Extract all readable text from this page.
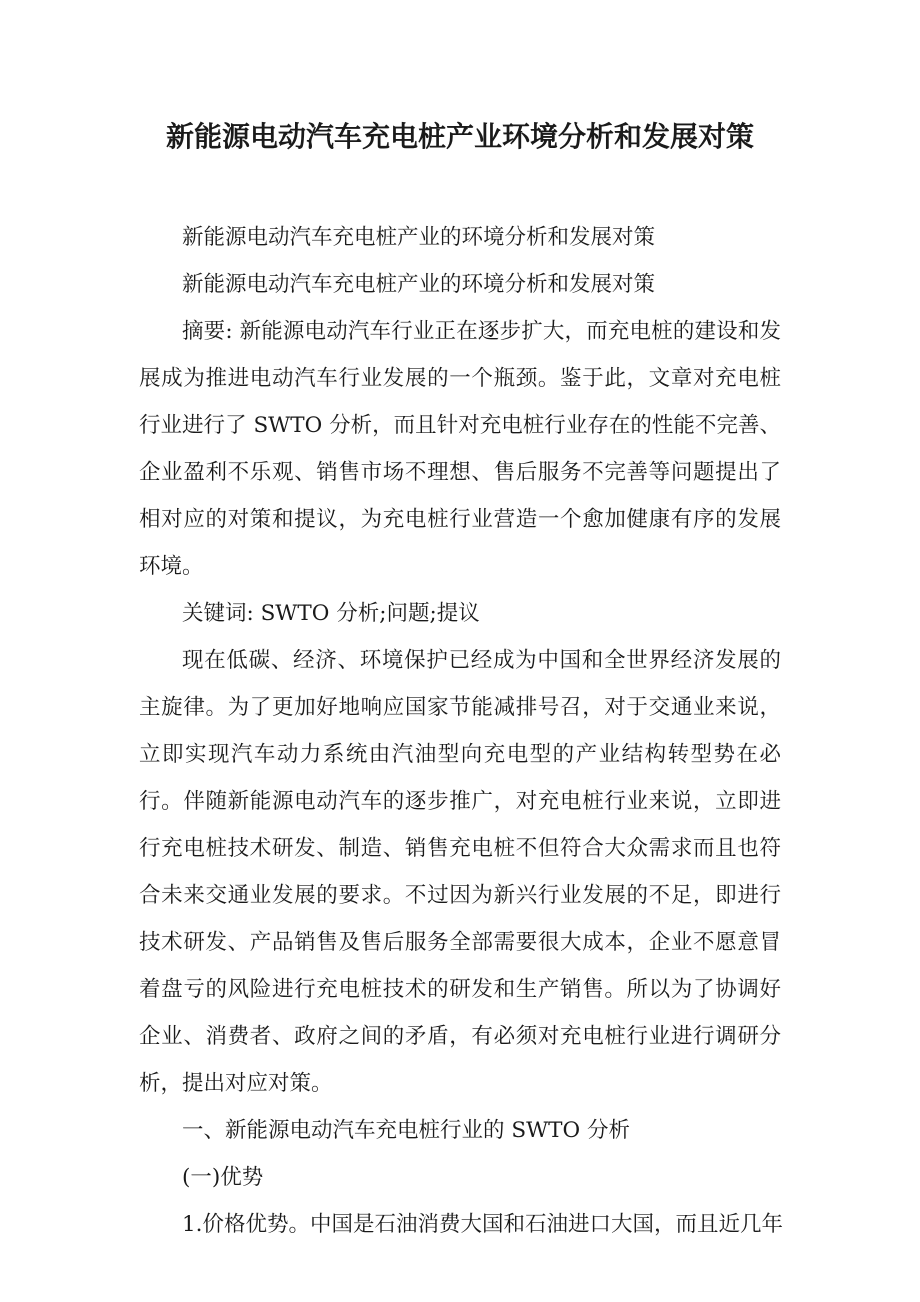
新能源电动汽车充电桩产业环境分析和发展对策

新能源电动汽车充电桩产业的环境分析和发展对策

新能源电动汽车充电桩产业的环境分析和发展对策

摘要: 新能源电动汽车行业正在逐步扩大，而充电桩的建设和发展成为推进电动汽车行业发展的一个瓶颈。鉴于此，文章对充电桩行业进行了 SWTO 分析，而且针对充电桩行业存在的性能不完善、企业盈利不乐观、销售市场不理想、售后服务不完善等问题提出了相对应的对策和提议，为充电桩行业营造一个愈加健康有序的发展环境。

关键词: SWTO 分析;问题;提议

现在低碳、经济、环境保护已经成为中国和全世界经济发展的主旋律。为了更加好地响应国家节能减排号召，对于交通业来说，立即实现汽车动力系统由汽油型向充电型的产业结构转型势在必行。伴随新能源电动汽车的逐步推广，对充电桩行业来说，立即进行充电桩技术研发、制造、销售充电桩不但符合大众需求而且也符合未来交通业发展的要求。不过因为新兴行业发展的不足，即进行技术研发、产品销售及售后服务全部需要很大成本，企业不愿意冒着盘亏的风险进行充电桩技术的研发和生产销售。所以为了协调好企业、消费者、政府之间的矛盾，有必须对充电桩行业进行调研分析，提出对应对策。

一、新能源电动汽车充电桩行业的 SWTO 分析

(一)优势

1.价格优势。中国是石油消费大国和石油进口大国，而且近几年
